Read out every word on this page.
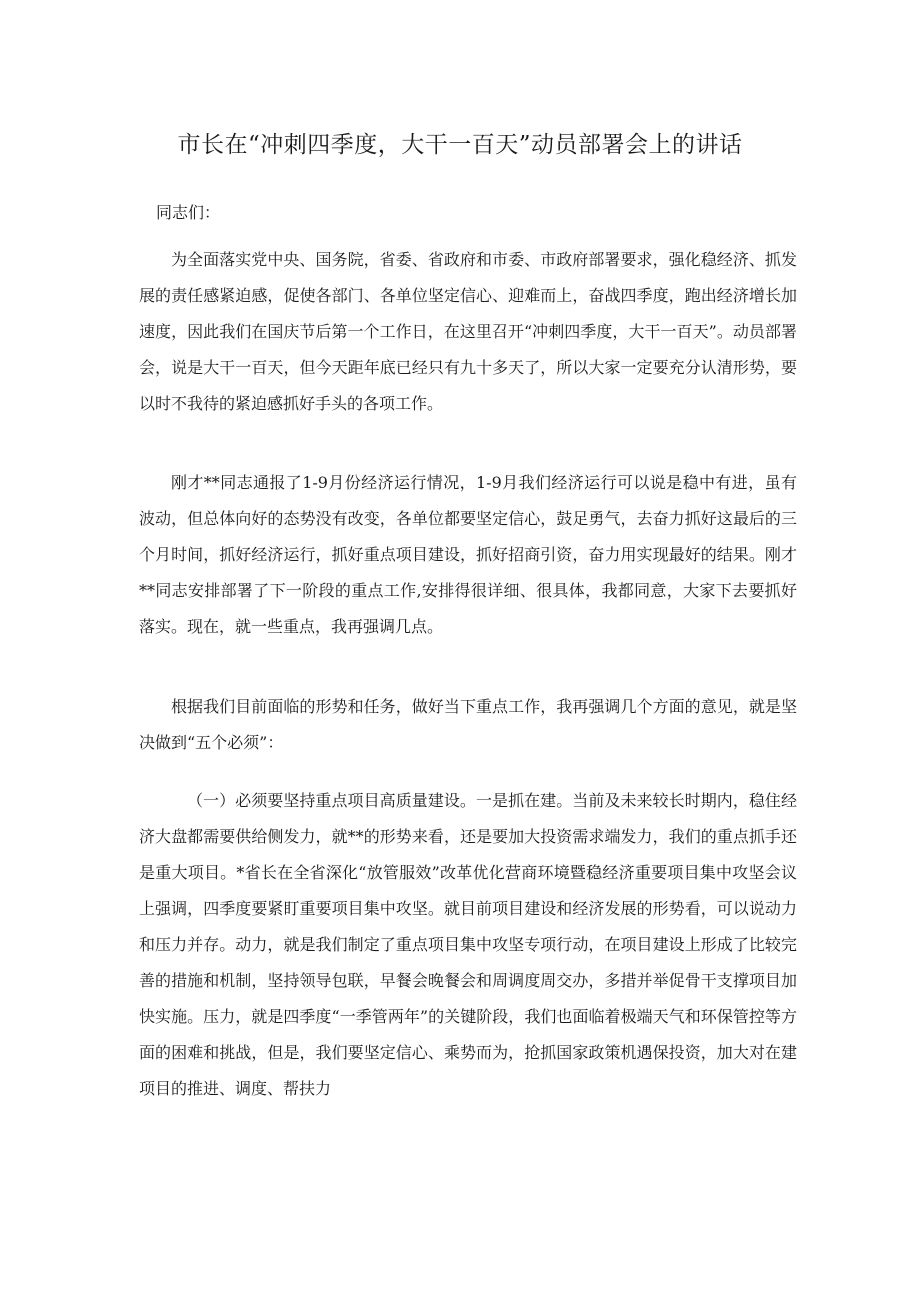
市长在“冲刺四季度，大干一百天”动员部署会上的讲话

同志们：

为全面落实党中央、国务院，省委、省政府和市委、市政府部署要求，强化稳经济、抓发展的责任感紧迫感，促使各部门、各单位坚定信心、迎难而上，奋战四季度，跑出经济增长加速度，因此我们在国庆节后第一个工作日，在这里召开“冲刺四季度，大干一百天”。动员部署会，说是大干一百天，但今天距年底已经只有九十多天了，所以大家一定要充分认清形势，要以时不我待的紧迫感抓好手头的各项工作。

刚才**同志通报了1-9月份经济运行情况，1-9月我们经济运行可以说是稳中有进，虽有波动，但总体向好的态势没有改变，各单位都要坚定信心，鼓足勇气，去奋力抓好这最后的三个月时间，抓好经济运行，抓好重点项目建设，抓好招商引资，奋力用实现最好的结果。刚才**同志安排部署了下一阶段的重点工作,安排得很详细、很具体，我都同意，大家下去要抓好落实。现在，就一些重点，我再强调几点。

根据我们目前面临的形势和任务，做好当下重点工作，我再强调几个方面的意见，就是坚决做到“五个必须”：

（一）必须要坚持重点项目高质量建设。一是抓在建。当前及未来较长时期内，稳住经济大盘都需要供给侧发力，就**的形势来看，还是要加大投资需求端发力，我们的重点抓手还是重大项目。*省长在全省深化“放管服效”改革优化营商环境暨稳经济重要项目集中攻坚会议上强调，四季度要紧盯重要项目集中攻坚。就目前项目建设和经济发展的形势看，可以说动力和压力并存。动力，就是我们制定了重点项目集中攻坚专项行动，在项目建设上形成了比较完善的措施和机制，坚持领导包联，早餐会晚餐会和周调度周交办，多措并举促骨干支撑项目加快实施。压力，就是四季度“一季管两年”的关键阶段，我们也面临着极端天气和环保管控等方面的困难和挑战，但是，我们要坚定信心、乘势而为，抢抓国家政策机遇保投资，加大对在建项目的推进、调度、帮扶力
